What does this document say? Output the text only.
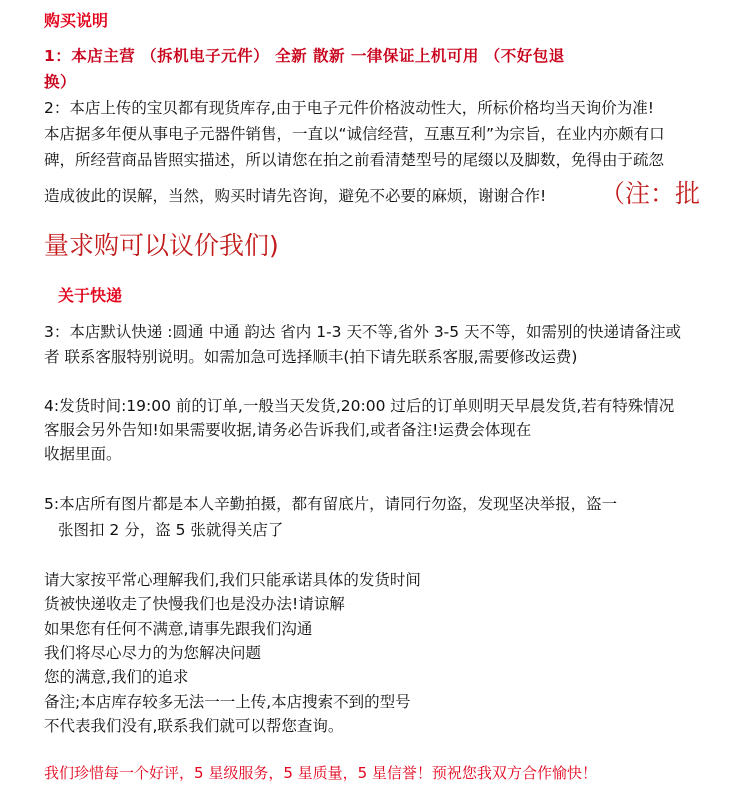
购买说明
1：本店主营 （拆机电子元件） 全新 散新 一律保证上机可用 （不好包退
换）
2：本店上传的宝贝都有现货库存,由于电子元件价格波动性大，所标价格均当天询价为准!
本店据多年便从事电子元器件销售，一直以“诚信经营，互惠互利”为宗旨，在业内亦颇有口
碑，所经营商品皆照实描述，所以请您在拍之前看清楚型号的尾缀以及脚数，免得由于疏忽
造成彼此的误解，当然，购买时请先咨询，避免不必要的麻烦，谢谢合作! （注：批
量求购可以议价我们)
关于快递
3：本店默认快递 :圆通 中通 韵达 省内 1-3 天不等,省外 3-5 天不等，如需别的快递请备注或
者 联系客服特别说明。如需加急可选择顺丰(拍下请先联系客服,需要修改运费)
4:发货时间:19:00 前的订单,一般当天发货,20:00 过后的订单则明天早晨发货,若有特殊情况
客服会另外告知!如果需要收据,请务必告诉我们,或者备注!运费会体现在
收据里面。
5:本店所有图片都是本人辛勤拍摄，都有留底片，请同行勿盗，发现坚决举报，盗一
张图扣 2 分，盗 5 张就得关店了
请大家按平常心理解我们,我们只能承诺具体的发货时间
货被快递收走了快慢我们也是没办法!请谅解
如果您有任何不满意,请事先跟我们沟通
我们将尽心尽力的为您解决问题
您的满意,我们的追求
备注;本店库存较多无法一一上传,本店搜索不到的型号
不代表我们没有,联系我们就可以帮您查询。
我们珍惜每一个好评，5 星级服务，5 星质量，5 星信誉！预祝您我双方合作愉快！
